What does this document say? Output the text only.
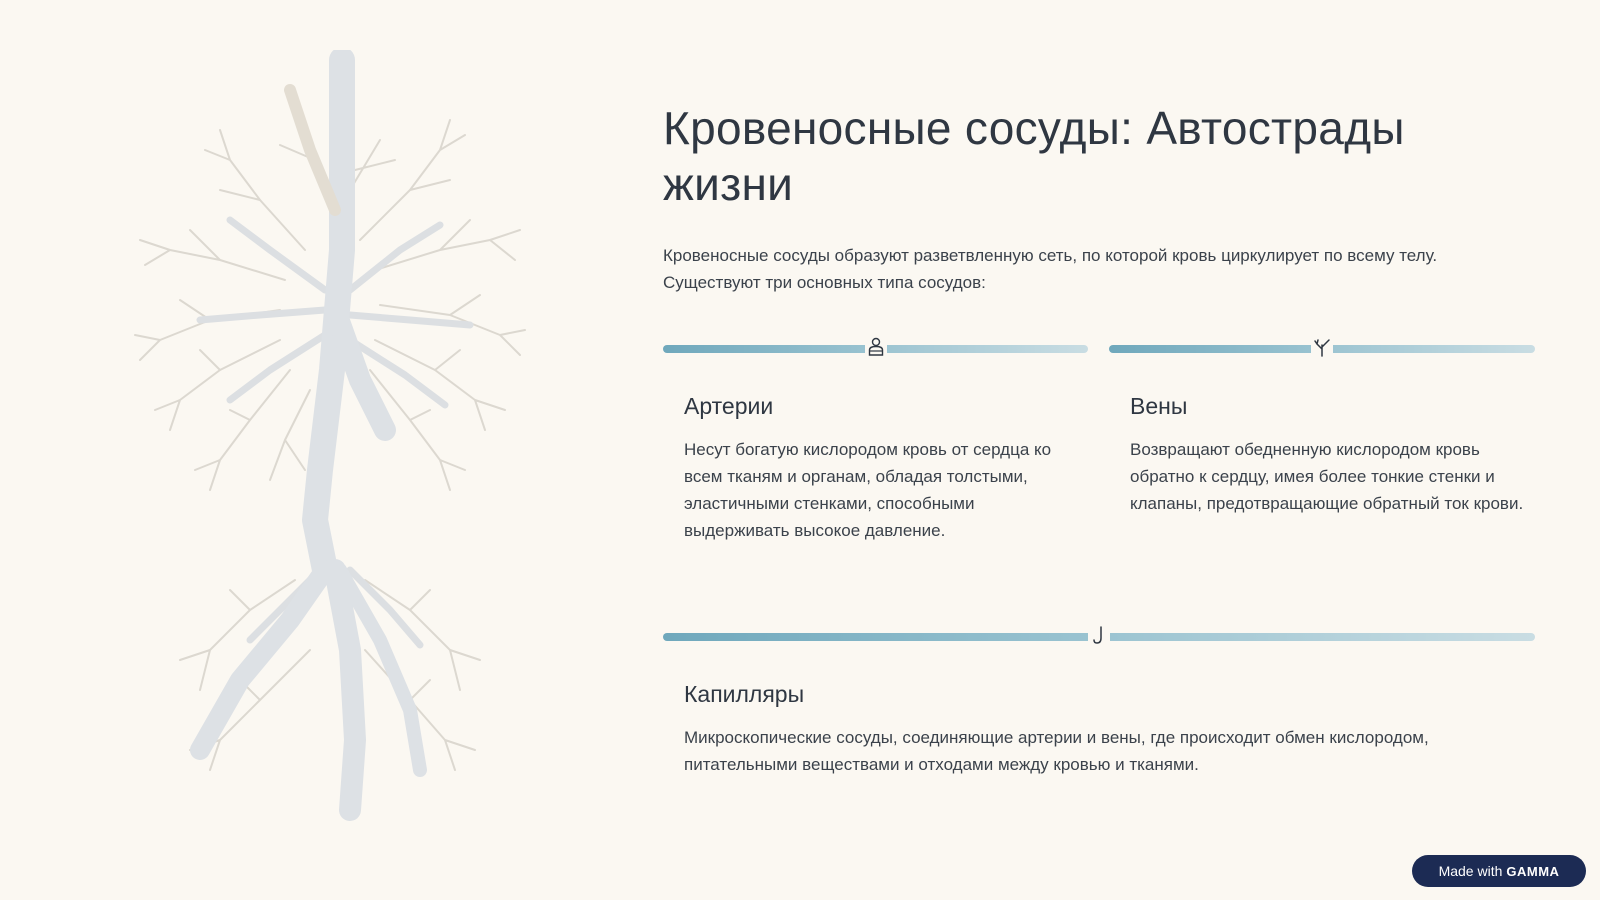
Кровеносные сосуды: Автострады жизни

Кровеносные сосуды образуют разветвленную сеть, по которой кровь циркулирует по всему телу. Существуют три основных типа сосудов:

Артерии

Несут богатую кислородом кровь от сердца ко всем тканям и органам, обладая толстыми, эластичными стенками, способными выдерживать высокое давление.

Вены

Возвращают обедненную кислородом кровь обратно к сердцу, имея более тонкие стенки и клапаны, предотвращающие обратный ток крови.

Капилляры

Микроскопические сосуды, соединяющие артерии и вены, где происходит обмен кислородом, питательными веществами и отходами между кровью и тканями.

Made with GAMMA
